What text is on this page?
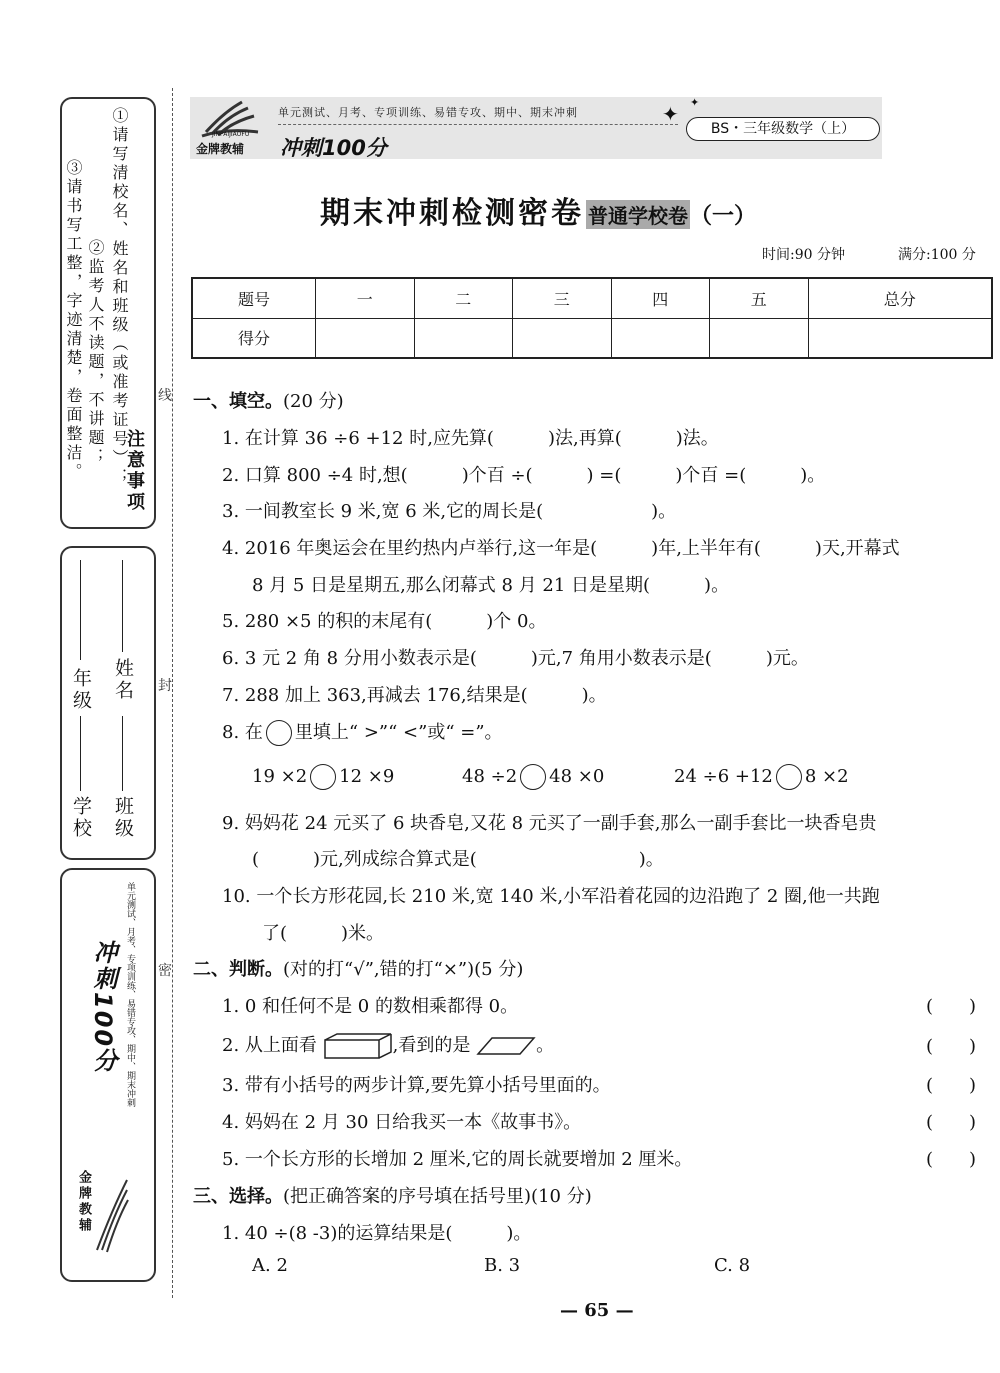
注意事项
①请写清校名、姓名和班级（或准考证号）；
②监考人不读题，不讲题；
③请书写工整，字迹清楚，卷面整洁。
年级
学校
姓名
班级
单元测试、月考、专项训练、易错专攻、期中、期末冲刺
冲刺100分
金牌教辅
线
封
密
金牌教辅
JINPAIJIAOFU
冲刺100分
单元测试、月考、专项训练、易错专攻、期中、期末冲刺	✦ ✦
BS・三年级数学（上）
期末冲刺检测密卷 普通学校卷（一）
时间:90 分钟	满分:100 分
题号	一	二	三	四	五	总分
得分						
一、填空。(20 分)
1. 在计算 36 ÷6 +12 时,应先算(　　　)法,再算(　　　)法。
2. 口算 800 ÷4 时,想(　　　)个百 ÷(　　　) =(　　　)个百 =(　　　)。
3. 一间教室长 9 米,宽 6 米,它的周长是(　　　　　　)。
4. 2016 年奥运会在里约热内卢举行,这一年是(　　　)年,上半年有(　　　)天,开幕式
8 月 5 日是星期五,那么闭幕式 8 月 21 日是星期(　　　)。
5. 280 ×5 的积的末尾有(　　　)个 0。
6. 3 元 2 角 8 分用小数表示是(　　　)元,7 角用小数表示是(　　　)元。
7. 288 加上 363,再减去 176,结果是(　　　)。
8. 在 里填上“ >”“ <”或“ =”。
19 ×2 12 ×9	48 ÷2 48 ×0	24 ÷6 +12 8 ×2
9. 妈妈花 24 元买了 6 块香皂,又花 8 元买了一副手套,那么一副手套比一块香皂贵
(　　　)元,列成综合算式是(　　　　　　　　　)。
10. 一个长方形花园,长 210 米,宽 140 米,小军沿着花园的边沿跑了 2 圈,他一共跑
了(　　　)米。
二、判断。(对的打“√”,错的打“×”)(5 分)
1. 0 和任何不是 0 的数相乘都得 0。	(　　)
2. 从上面看	,看到的是	。	(　　)
3. 带有小括号的两步计算,要先算小括号里面的。	(　　)
4. 妈妈在 2 月 30 日给我买一本《故事书》。	(　　)
5. 一个长方形的长增加 2 厘米,它的周长就要增加 2 厘米。	(　　)
三、选择。(把正确答案的序号填在括号里)(10 分)
1. 40 ÷(8 -3)的运算结果是(　　　)。
A. 2	B. 3	C. 8
— 65 —
